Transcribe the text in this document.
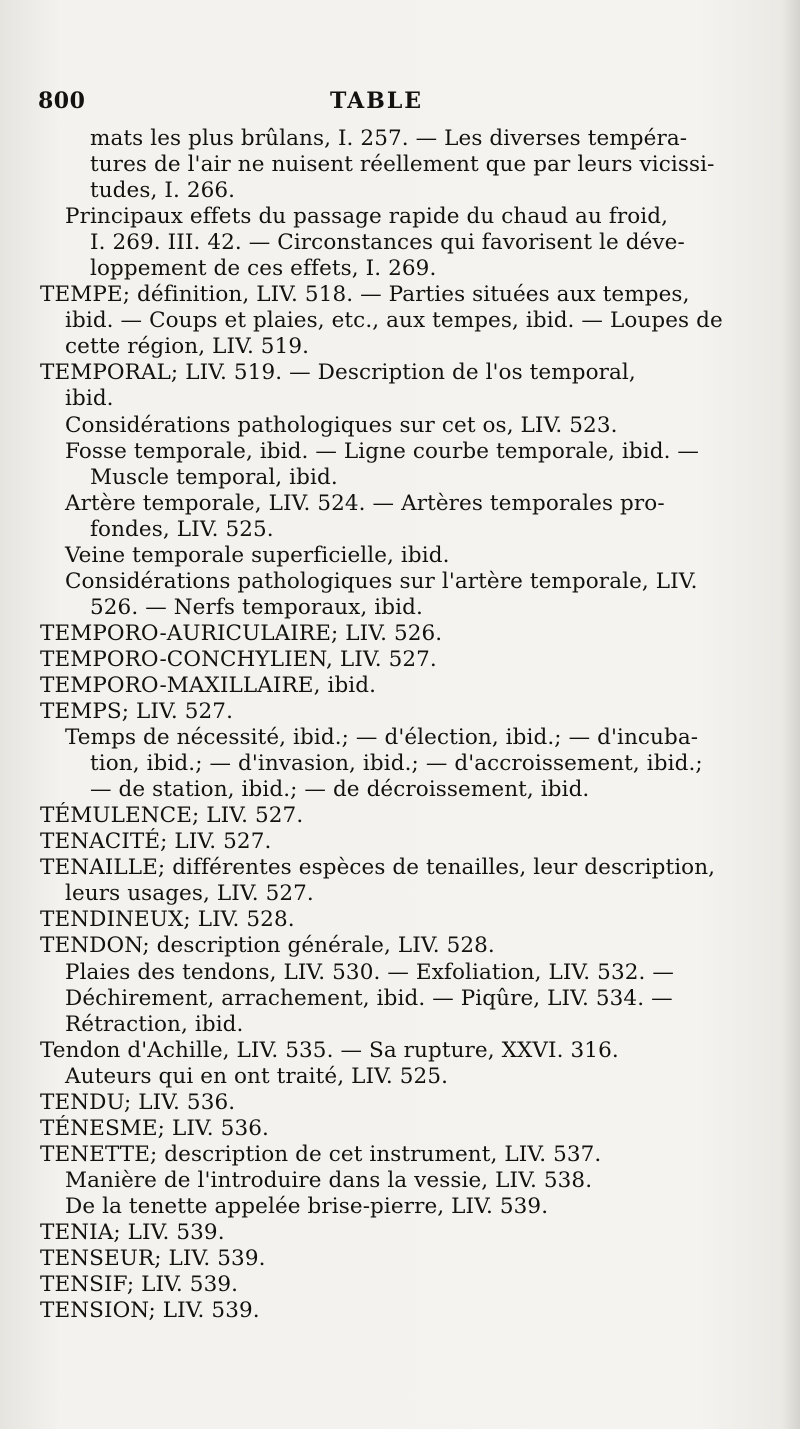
800	TABLE
mats les plus brûlans, I. 257. — Les diverses tempéra-
tures de l'air ne nuisent réellement que par leurs vicissi-
tudes, I. 266.
Principaux effets du passage rapide du chaud au froid,
I. 269. III. 42. — Circonstances qui favorisent le déve-
loppement de ces effets, I. 269.
TEMPE; définition, LIV. 518. — Parties situées aux tempes,
ibid. — Coups et plaies, etc., aux tempes, ibid. — Loupes de
cette région, LIV. 519.
TEMPORAL; LIV. 519. — Description de l'os temporal,
ibid.
Considérations pathologiques sur cet os, LIV. 523.
Fosse temporale, ibid. — Ligne courbe temporale, ibid. —
Muscle temporal, ibid.
Artère temporale, LIV. 524. — Artères temporales pro-
fondes, LIV. 525.
Veine temporale superficielle, ibid.
Considérations pathologiques sur l'artère temporale, LIV.
526. — Nerfs temporaux, ibid.
TEMPORO-AURICULAIRE; LIV. 526.
TEMPORO-CONCHYLIEN, LIV. 527.
TEMPORO-MAXILLAIRE, ibid.
TEMPS; LIV. 527.
Temps de nécessité, ibid.; — d'élection, ibid.; — d'incuba-
tion, ibid.; — d'invasion, ibid.; — d'accroissement, ibid.;
— de station, ibid.; — de décroissement, ibid.
TÉMULENCE; LIV. 527.
TENACITÉ; LIV. 527.
TENAILLE; différentes espèces de tenailles, leur description,
leurs usages, LIV. 527.
TENDINEUX; LIV. 528.
TENDON; description générale, LIV. 528.
Plaies des tendons, LIV. 530. — Exfoliation, LIV. 532. —
Déchirement, arrachement, ibid. — Piqûre, LIV. 534. —
Rétraction, ibid.
Tendon d'Achille, LIV. 535. — Sa rupture, XXVI. 316.
Auteurs qui en ont traité, LIV. 525.
TENDU; LIV. 536.
TÉNESME; LIV. 536.
TENETTE; description de cet instrument, LIV. 537.
Manière de l'introduire dans la vessie, LIV. 538.
De la tenette appelée brise-pierre, LIV. 539.
TENIA; LIV. 539.
TENSEUR; LIV. 539.
TENSIF; LIV. 539.
TENSION; LIV. 539.
